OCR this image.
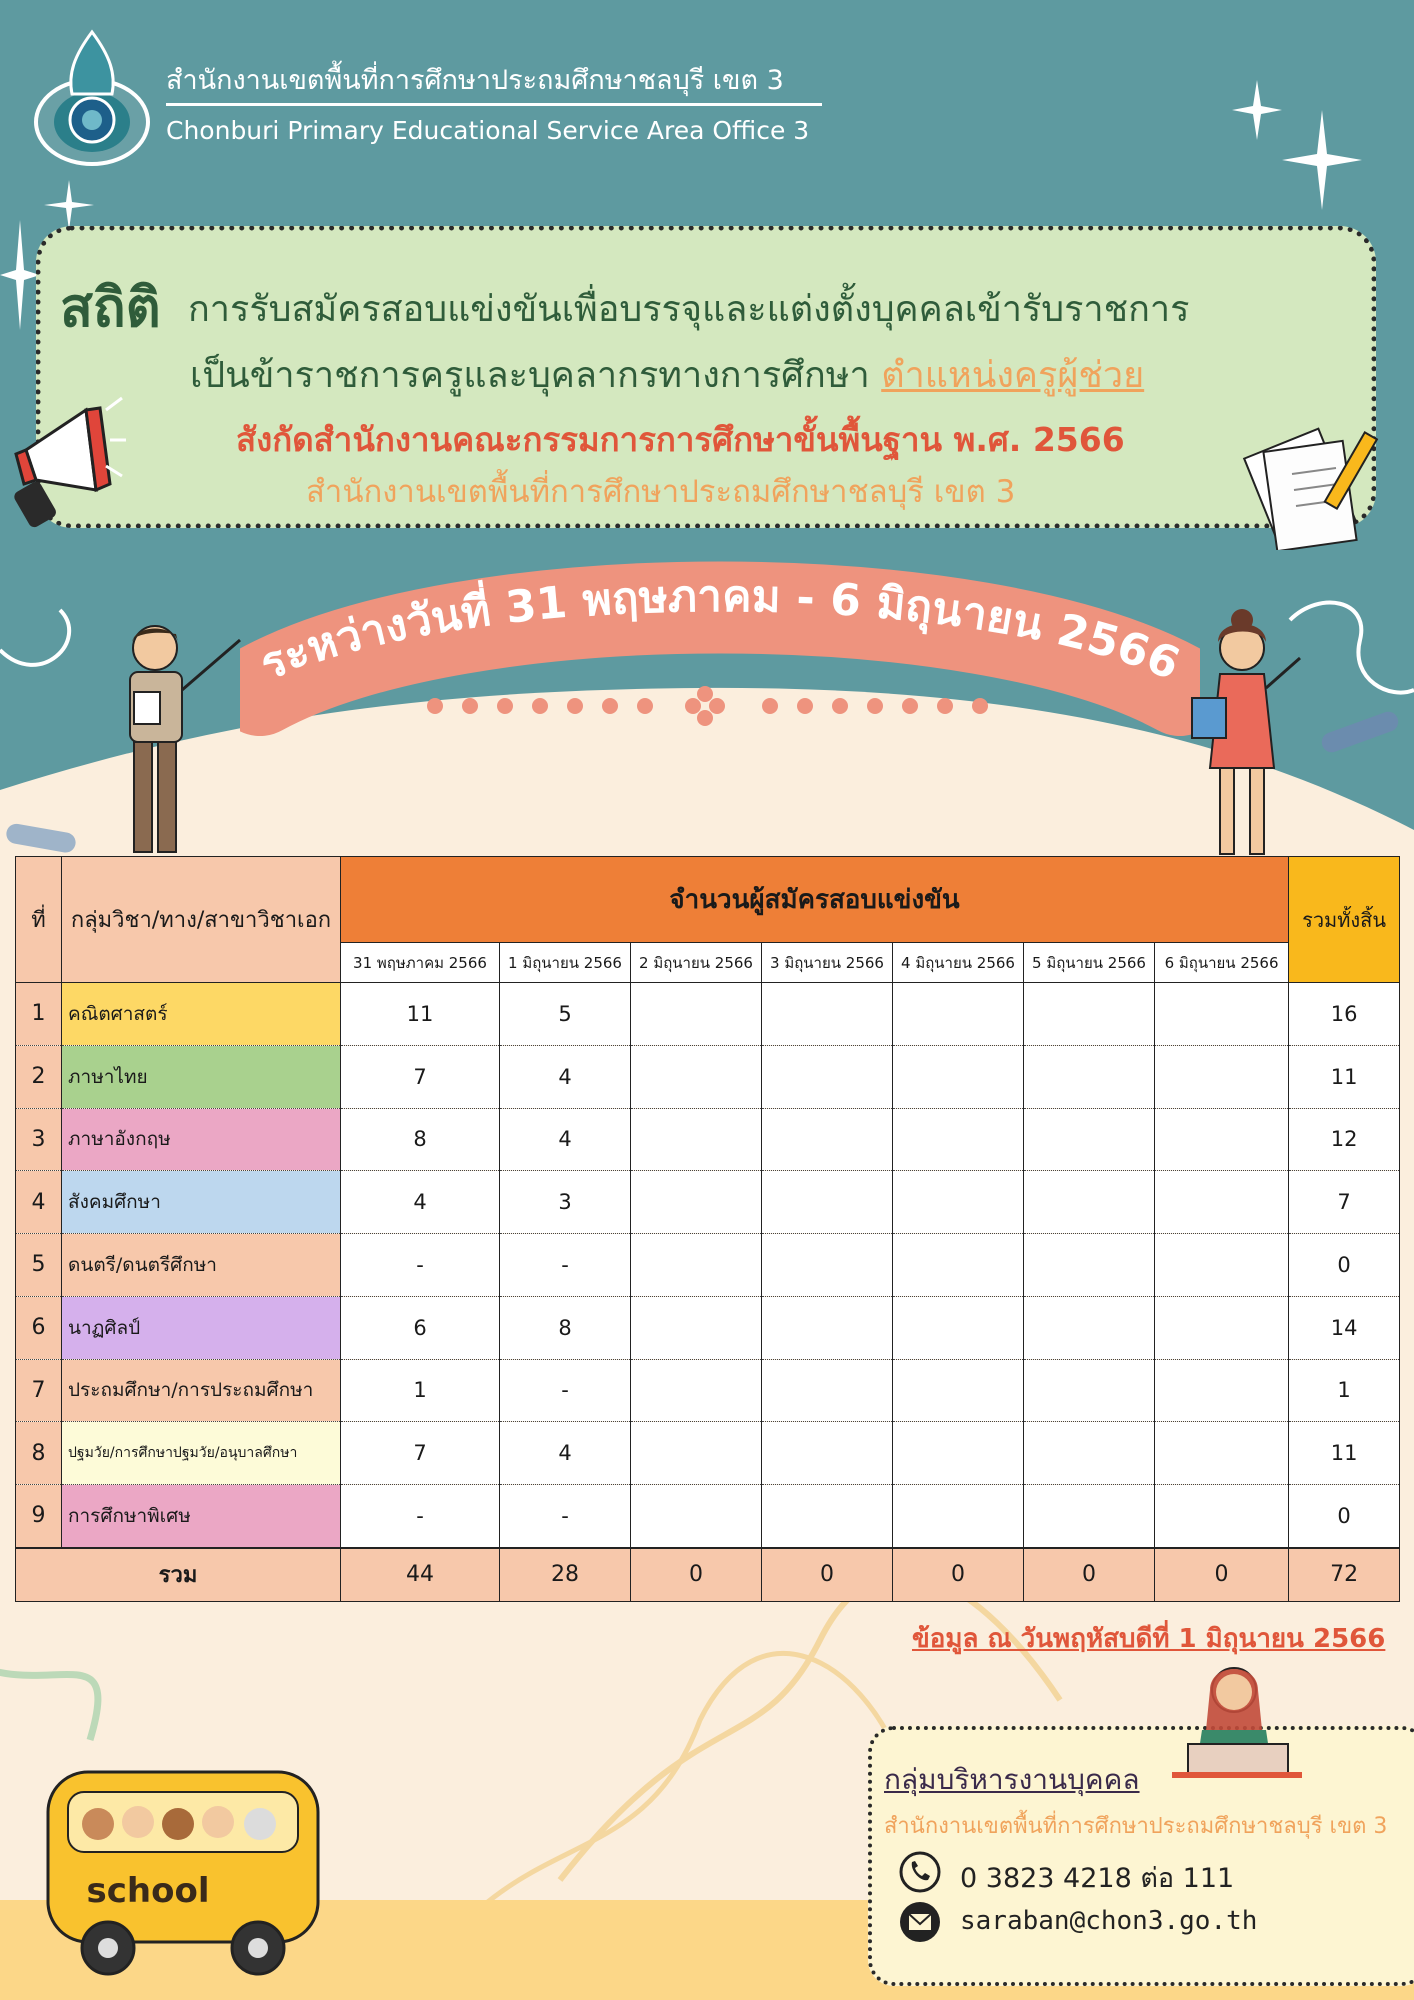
สำนักงานเขตพื้นที่การศึกษาประถมศึกษาชลบุรี เขต 3
Chonburi Primary Educational Service Area Office 3
สถิติ การรับสมัครสอบแข่งขันเพื่อบรรจุและแต่งตั้งบุคคลเข้ารับราชการ
เป็นข้าราชการครูและบุคลากรทางการศึกษา ตำแหน่งครูผู้ช่วย
สังกัดสำนักงานคณะกรรมการการศึกษาขั้นพื้นฐาน พ.ศ. 2566
สำนักงานเขตพื้นที่การศึกษาประถมศึกษาชลบุรี เขต 3
ระหว่างวันที่ 31 พฤษภาคม - 6 มิถุนายน 2566
ที่	กลุ่มวิชา/ทาง/สาขาวิชาเอก	จำนวนผู้สมัครสอบแข่งขัน							รวมทั้งสิ้น
		31 พฤษภาคม 2566	1 มิถุนายน 2566	2 มิถุนายน 2566	3 มิถุนายน 2566	4 มิถุนายน 2566	5 มิถุนายน 2566	6 มิถุนายน 2566	
1	คณิตศาสตร์	11	5						16
2	ภาษาไทย	7	4						11
3	ภาษาอังกฤษ	8	4						12
4	สังคมศึกษา	4	3						7
5	ดนตรี/ดนตรีศึกษา	-	-						0
6	นาฏศิลป์	6	8						14
7	ประถมศึกษา/การประถมศึกษา	1	-						1
8	ปฐมวัย/การศึกษาปฐมวัย/อนุบาลศึกษา	7	4						11
9	การศึกษาพิเศษ	-	-						0
รวม		44	28	0	0	0	0	0	72
ข้อมูล ณ วันพฤหัสบดีที่ 1 มิถุนายน 2566
school
กลุ่มบริหารงานบุคคล
สำนักงานเขตพื้นที่การศึกษาประถมศึกษาชลบุรี เขต 3
0 3823 4218 ต่อ 111
saraban@chon3.go.th
